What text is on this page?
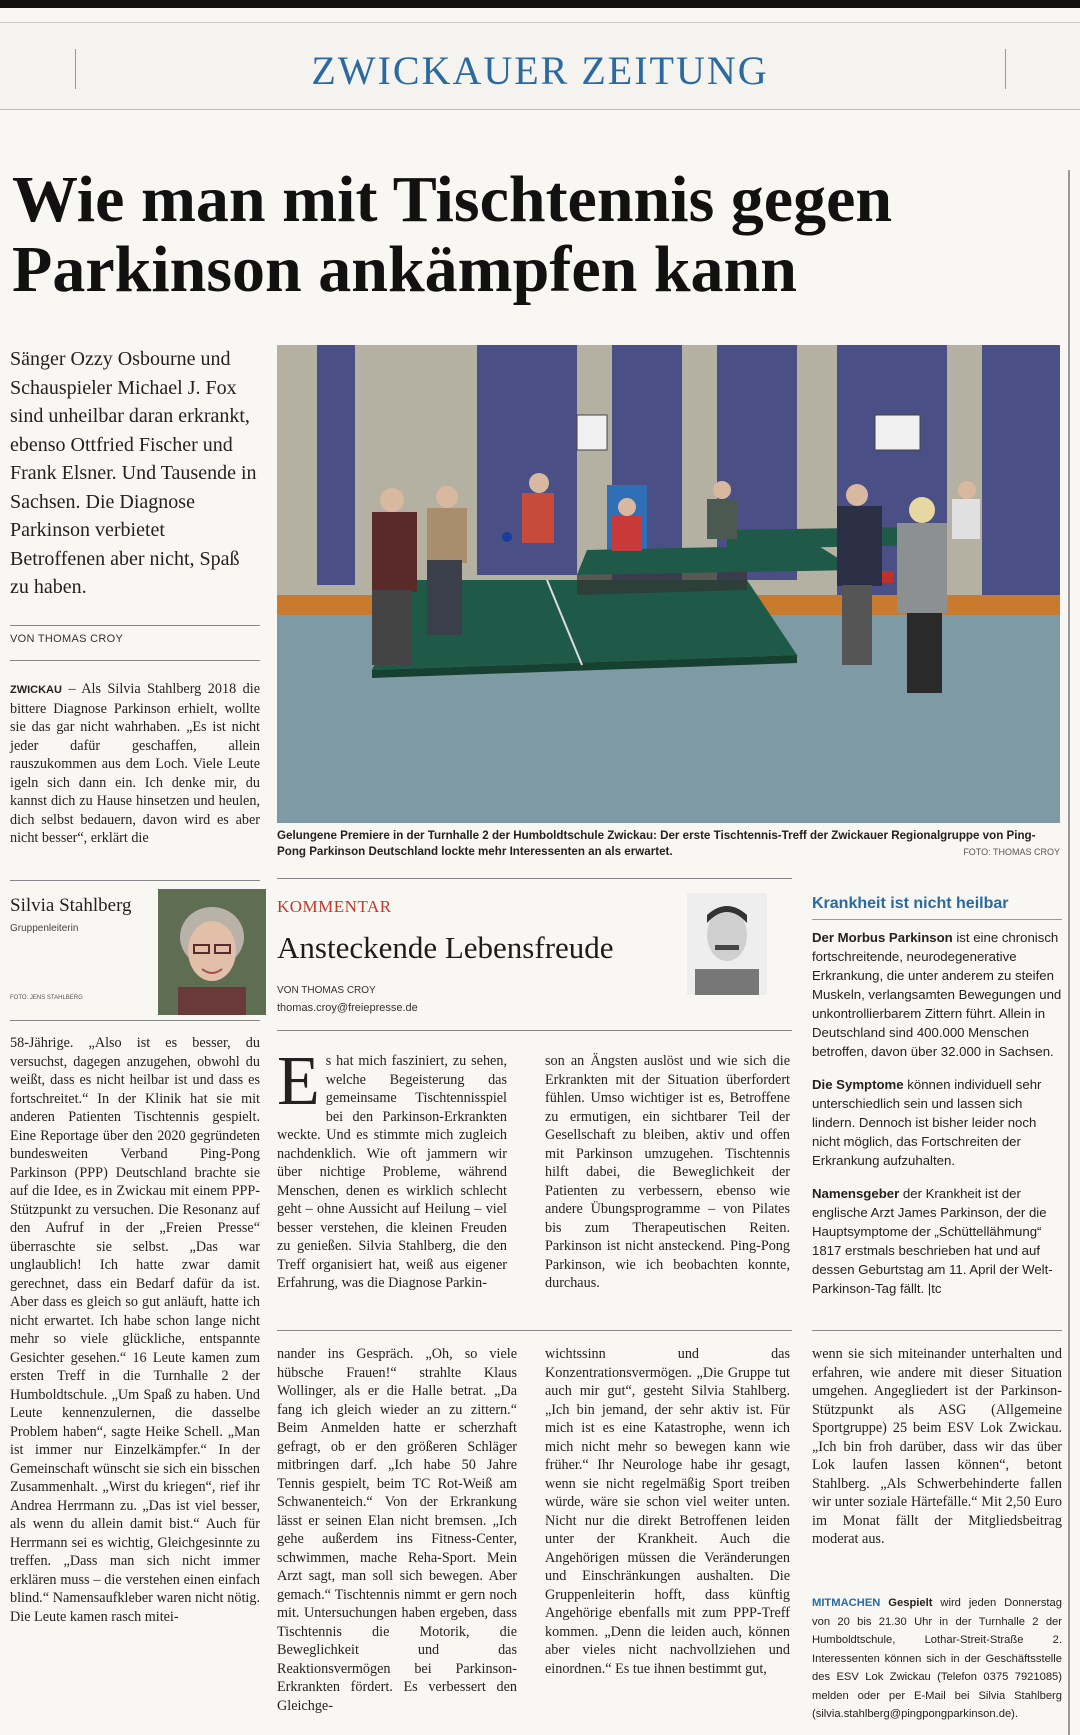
ZWICKAUER ZEITUNG
Wie man mit Tischtennis gegen Parkinson ankämpfen kann

Sänger Ozzy Osbourne und Schauspieler Michael J. Fox sind unheilbar daran erkrankt, ebenso Ottfried Fischer und Frank Elsner. Und Tausende in Sachsen. Die Diagnose Parkinson verbietet Betroffenen aber nicht, Spaß zu haben.

VON THOMAS CROY

ZWICKAU – Als Silvia Stahlberg 2018 die bittere Diagnose Parkinson erhielt, wollte sie das gar nicht wahrhaben. „Es ist nicht jeder dafür geschaffen, allein rauszukommen aus dem Loch. Viele Leute igeln sich dann ein. Ich denke mir, du kannst dich zu Hause hinsetzen und heulen, dich selbst bedauern, davon wird es aber nicht besser“, erklärt die	Gelungene Premiere in der Turnhalle 2 der Humboldtschule Zwickau: Der erste Tischtennis-Treff der Zwickauer Regionalgruppe von Ping-Pong Parkinson Deutschland lockte mehr Interessenten an als erwartet.	FOTO: THOMAS CROY
Silvia Stahlberg
Gruppenleiterin
FOTO: JENS STAHLBERG

58-Jährige. „Also ist es besser, du versuchst, dagegen anzugehen, obwohl du weißt, dass es nicht heilbar ist und dass es fortschreitet.“ In der Klinik hat sie mit anderen Patienten Tischtennis gespielt. Eine Reportage über den 2020 gegründeten bundesweiten Verband Ping-Pong Parkinson (PPP) Deutschland brachte sie auf die Idee, es in Zwickau mit einem PPP-Stützpunkt zu versuchen. Die Resonanz auf den Aufruf in der „Freien Presse“ überraschte sie selbst. „Das war unglaublich! Ich hatte zwar damit gerechnet, dass ein Bedarf dafür da ist. Aber dass es gleich so gut anläuft, hatte ich nicht erwartet. Ich habe schon lange nicht mehr so viele glückliche, entspannte Gesichter gesehen.“ 16 Leute kamen zum ersten Treff in die Turnhalle 2 der Humboldtschule. „Um Spaß zu haben. Und Leute kennenzulernen, die dasselbe Problem haben“, sagte Heike Schell. „Man ist immer nur Einzelkämpfer.“ In der Gemeinschaft wünscht sie sich ein bisschen Zusammenhalt. „Wirst du kriegen“, rief ihr Andrea Herrmann zu. „Das ist viel besser, als wenn du allein damit bist.“ Auch für Herrmann sei es wichtig, Gleichgesinnte zu treffen. „Dass man sich nicht immer erklären muss – die verstehen einen einfach blind.“ Namensaufkleber waren nicht nötig. Die Leute kamen rasch mitei-

KOMMENTAR
Ansteckende Lebensfreude
VON THOMAS CROY
thomas.croy@freiepresse.de

Es hat mich fasziniert, zu sehen, welche Begeisterung das gemeinsame Tischtennisspiel bei den Parkinson-Erkrankten weckte. Und es stimmte mich zugleich nachdenklich. Wie oft jammern wir über nichtige Probleme, während Menschen, denen es wirklich schlecht geht – ohne Aussicht auf Heilung – viel besser verstehen, die kleinen Freuden zu genießen. Silvia Stahlberg, die den Treff organisiert hat, weiß aus eigener Erfahrung, was die Diagnose Parkin-

son an Ängsten auslöst und wie sich die Erkrankten mit der Situation überfordert fühlen. Umso wichtiger ist es, Betroffene zu ermutigen, ein sichtbarer Teil der Gesellschaft zu bleiben, aktiv und offen mit Parkinson umzugehen. Tischtennis hilft dabei, die Beweglichkeit der Patienten zu verbessern, ebenso wie andere Übungsprogramme – von Pilates bis zum Therapeutischen Reiten. Parkinson ist nicht ansteckend. Ping-Pong Parkinson, wie ich beobachten konnte, durchaus.

Krankheit ist nicht heilbar

Der Morbus Parkinson ist eine chronisch fortschreitende, neurodegenerative Erkrankung, die unter anderem zu steifen Muskeln, verlangsamten Bewegungen und unkontrollierbarem Zittern führt. Allein in Deutschland sind 400.000 Menschen betroffen, davon über 32.000 in Sachsen.

Die Symptome können individuell sehr unterschiedlich sein und lassen sich lindern. Dennoch ist bisher leider noch nicht möglich, das Fortschreiten der Erkrankung aufzuhalten.

Namensgeber der Krankheit ist der englische Arzt James Parkinson, der die Hauptsymptome der „Schüttellähmung“ 1817 erstmals beschrieben hat und auf dessen Geburtstag am 11. April der Welt-Parkinson-Tag fällt. |tc

nander ins Gespräch. „Oh, so viele hübsche Frauen!“ strahlte Klaus Wollinger, als er die Halle betrat. „Da fang ich gleich wieder an zu zittern.“ Beim Anmelden hatte er scherzhaft gefragt, ob er den größeren Schläger mitbringen darf. „Ich habe 50 Jahre Tennis gespielt, beim TC Rot-Weiß am Schwanenteich.“ Von der Erkrankung lässt er seinen Elan nicht bremsen. „Ich gehe außerdem ins Fitness-Center, schwimmen, mache Reha-Sport. Mein Arzt sagt, man soll sich bewegen. Aber gemach.“ Tischtennis nimmt er gern noch mit. Untersuchungen haben ergeben, dass Tischtennis die Motorik, die Beweglichkeit und das Reaktionsvermögen bei Parkinson-Erkrankten fördert. Es verbessert den Gleichge-

wichtssinn und das Konzentrationsvermögen. „Die Gruppe tut auch mir gut“, gesteht Silvia Stahlberg. „Ich bin jemand, der sehr aktiv ist. Für mich ist es eine Katastrophe, wenn ich mich nicht mehr so bewegen kann wie früher.“ Ihr Neurologe habe ihr gesagt, wenn sie nicht regelmäßig Sport treiben würde, wäre sie schon viel weiter unten. Nicht nur die direkt Betroffenen leiden unter der Krankheit. Auch die Angehörigen müssen die Veränderungen und Einschränkungen aushalten. Die Gruppenleiterin hofft, dass künftig Angehörige ebenfalls mit zum PPP-Treff kommen. „Denn die leiden auch, können aber vieles nicht nachvollziehen und einordnen.“ Es tue ihnen bestimmt gut,

wenn sie sich miteinander unterhalten und erfahren, wie andere mit dieser Situation umgehen. Angegliedert ist der Parkinson-Stützpunkt als ASG (Allgemeine Sportgruppe) 25 beim ESV Lok Zwickau. „Ich bin froh darüber, dass wir das über Lok laufen lassen können“, betont Stahlberg. „Als Schwerbehinderte fallen wir unter soziale Härtefälle.“ Mit 2,50 Euro im Monat fällt der Mitgliedsbeitrag moderat aus.

MITMACHEN Gespielt wird jeden Donnerstag von 20 bis 21.30 Uhr in der Turnhalle 2 der Humboldtschule, Lothar-Streit-Straße 2. Interessenten können sich in der Geschäftsstelle des ESV Lok Zwickau (Telefon 0375 7921085) melden oder per E-Mail bei Silvia Stahlberg (silvia.stahlberg@pingpongparkinson.de).
